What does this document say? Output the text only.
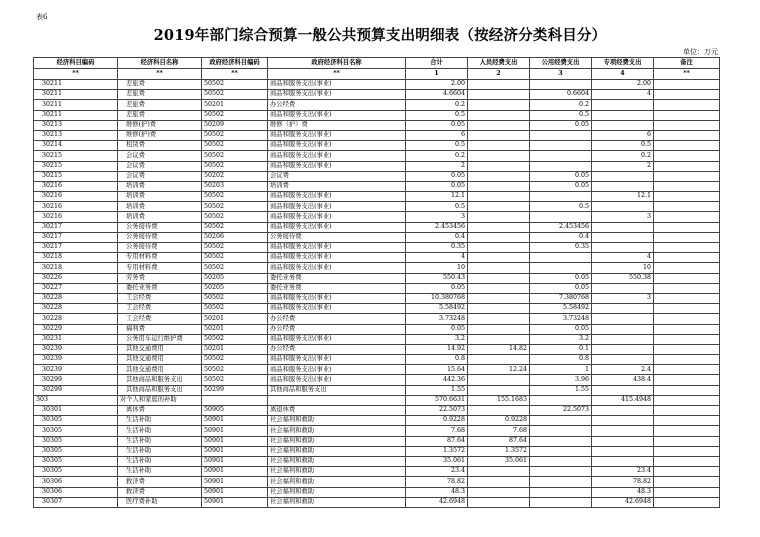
表6
2019年部门综合预算一般公共预算支出明细表（按经济分类科目分）
单位：万元
经济科目编码	经济科目名称	政府经济科目编码	政府经济科目名称	合计	人员经费支出	公用经费支出	专项经费支出	备注
**	**	**	**	1	2	3	4	**
30211	差旅费	50502	商品和服务支出(事业)	2.00			2.00	
30211	差旅费	50502	商品和服务支出(事业)	4.6604		0.6604	4	
30211	差旅费	50201	办公经费	0.2		0.2		
30211	差旅费	50502	商品和服务支出(事业)	0.5		0.5		
30213	维修(护)费	50209	维修（护）费	0.05		0.05		
30213	维修(护)费	50502	商品和服务支出(事业)	6			6	
30214	租赁费	50502	商品和服务支出(事业)	0.5			0.5	
30215	会议费	50502	商品和服务支出(事业)	0.2			0.2	
30215	会议费	50502	商品和服务支出(事业)	2			2	
30215	会议费	50202	会议费	0.05		0.05		
30216	培训费	50203	培训费	0.05		0.05		
30216	培训费	50502	商品和服务支出(事业)	12.1			12.1	
30216	培训费	50502	商品和服务支出(事业)	0.5		0.5		
30216	培训费	50502	商品和服务支出(事业)	3			3	
30217	公务接待费	50502	商品和服务支出(事业)	2.453456		2.453456		
30217	公务接待费	50206	公务接待费	0.4		0.4		
30217	公务接待费	50502	商品和服务支出(事业)	0.35		0.35		
30218	专用材料费	50502	商品和服务支出(事业)	4			4	
30218	专用材料费	50502	商品和服务支出(事业)	10			10	
30226	劳务费	50205	委托业务费	550.43		0.05	550.38	
30227	委托业务费	50205	委托业务费	0.05		0.05		
30228	工会经费	50502	商品和服务支出(事业)	10.380768		7.380768	3	
30228	工会经费	50502	商品和服务支出(事业)	5.58492		5.58492		
30228	工会经费	50201	办公经费	3.73248		3.73248		
30229	福利费	50201	办公经费	0.05		0.05		
30231	公务用车运行维护费	50502	商品和服务支出(事业)	3.2		3.2		
30239	其他交通费用	50201	办公经费	14.92	14.82	0.1		
30239	其他交通费用	50502	商品和服务支出(事业)	0.8		0.8		
30239	其他交通费用	50502	商品和服务支出(事业)	15.64	12.24	1	2.4	
30299	其他商品和服务支出	50502	商品和服务支出(事业)	442.36		3.96	438.4	
30299	其他商品和服务支出	50299	其他商品和服务支出	1.55		1.55		
303	对个人和家庭的补助			570.6631	155.1683		415.4948	
30301	离休费	50905	离退休费	22.5073		22.5073		
30305	生活补助	50901	社会福利和救助	0.9228	0.9228			
30305	生活补助	50901	社会福利和救助	7.68	7.68			
30305	生活补助	50901	社会福利和救助	87.64	87.64			
30305	生活补助	50901	社会福利和救助	1.3572	1.3572			
30305	生活补助	50901	社会福利和救助	35.061	35.061			
30305	生活补助	50901	社会福利和救助	23.4			23.4	
30306	救济费	50901	社会福利和救助	78.82			78.82	
30306	救济费	50901	社会福利和救助	48.3			48.3	
30307	医疗费补助	50901	社会福利和救助	42.6948			42.6948	
